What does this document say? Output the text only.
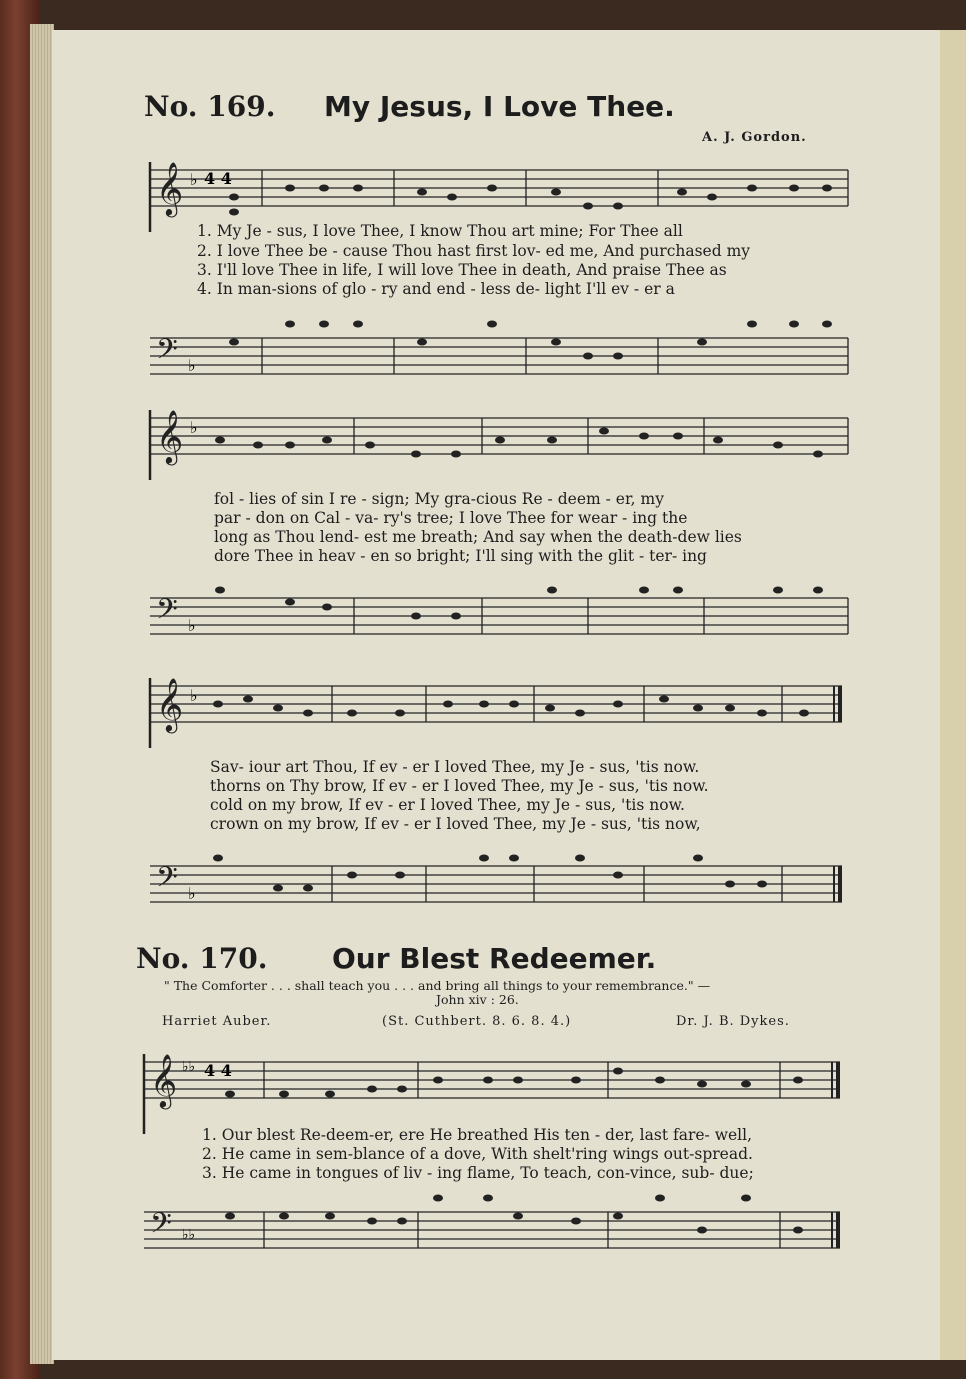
No. 169. My Jesus, I Love Thee.
A. J. Gordon.
𝄞 ♭ 4 4
1. My Je - sus, I love Thee, I know Thou art mine; For Thee all
2. I love Thee be - cause Thou hast first lov- ed me, And purchased my
3. I'll love Thee in life, I will love Thee in death, And praise Thee as
4. In man-sions of glo - ry and end - less de- light I'll ev - er a
𝄢 ♭
𝄞 ♭
fol - lies of sin I re - sign; My gra-cious Re - deem - er, my
par - don on Cal - va- ry's tree; I love Thee for wear - ing the
long as Thou lend- est me breath; And say when the death-dew lies
dore Thee in heav - en so bright; I'll sing with the glit - ter- ing
𝄢 ♭
𝄞 ♭
Sav- iour art Thou, If ev - er I loved Thee, my Je - sus, 'tis now.
thorns on Thy brow, If ev - er I loved Thee, my Je - sus, 'tis now.
cold on my brow, If ev - er I loved Thee, my Je - sus, 'tis now.
crown on my brow, If ev - er I loved Thee, my Je - sus, 'tis now,
𝄢 ♭
No. 170. Our Blest Redeemer.
" The Comforter . . . shall teach you . . . and bring all things to your remembrance." —
John xiv : 26.
Harriet Auber.	(St. Cuthbert. 8. 6. 8. 4.)	Dr. J. B. Dykes.
𝄞 ♭♭ 4 4
1. Our blest Re-deem-er, ere He breathed His ten - der, last fare- well,
2. He came in sem-blance of a dove, With shelt'ring wings out-spread.
3. He came in tongues of liv - ing flame, To teach, con-vince, sub- due;
𝄢 ♭♭
